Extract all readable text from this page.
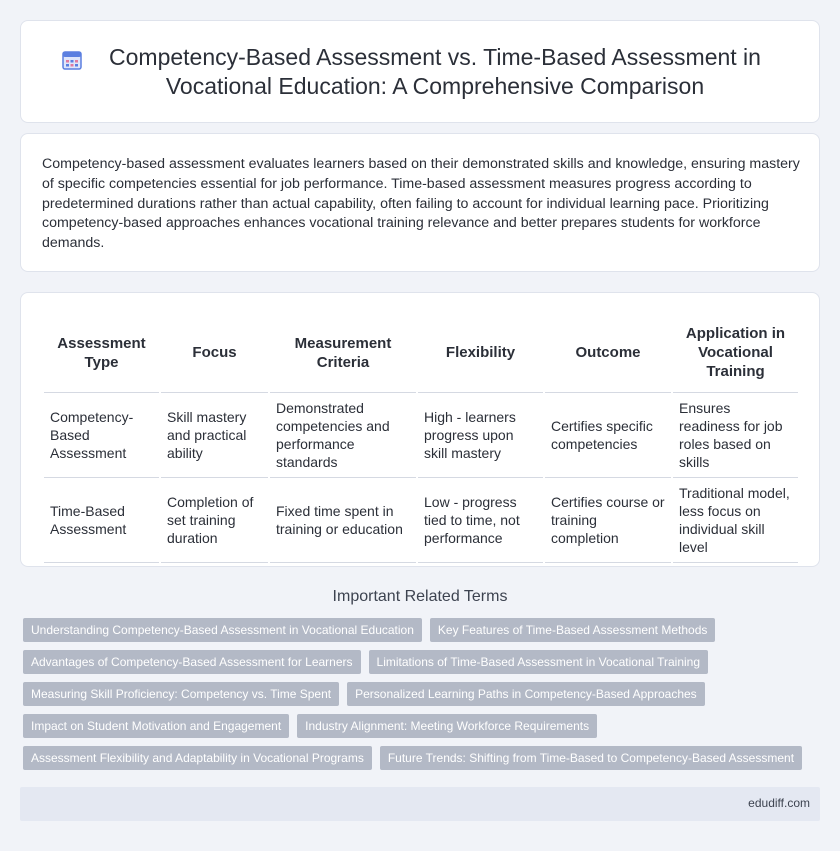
Competency-Based Assessment vs. Time-Based Assessment in Vocational Education: A Comprehensive Comparison

Competency-based assessment evaluates learners based on their demonstrated skills and knowledge, ensuring mastery of specific competencies essential for job performance. Time-based assessment measures progress according to predetermined durations rather than actual capability, often failing to account for individual learning pace. Prioritizing competency-based approaches enhances vocational training relevance and better prepares students for workforce demands.

Assessment Type	Focus	Measurement Criteria	Flexibility	Outcome	Application in Vocational Training
Competency-Based Assessment	Skill mastery and practical ability	Demonstrated competencies and performance standards	High - learners progress upon skill mastery	Certifies specific competencies	Ensures readiness for job roles based on skills
Time-Based Assessment	Completion of set training duration	Fixed time spent in training or education	Low - progress tied to time, not performance	Certifies course or training completion	Traditional model, less focus on individual skill level
Important Related Terms
Understanding Competency-Based Assessment in Vocational Education	Key Features of Time-Based Assessment Methods
Advantages of Competency-Based Assessment for Learners	Limitations of Time-Based Assessment in Vocational Training
Measuring Skill Proficiency: Competency vs. Time Spent	Personalized Learning Paths in Competency-Based Approaches
Impact on Student Motivation and Engagement	Industry Alignment: Meeting Workforce Requirements
Assessment Flexibility and Adaptability in Vocational Programs	Future Trends: Shifting from Time-Based to Competency-Based Assessment
edudiff.com
